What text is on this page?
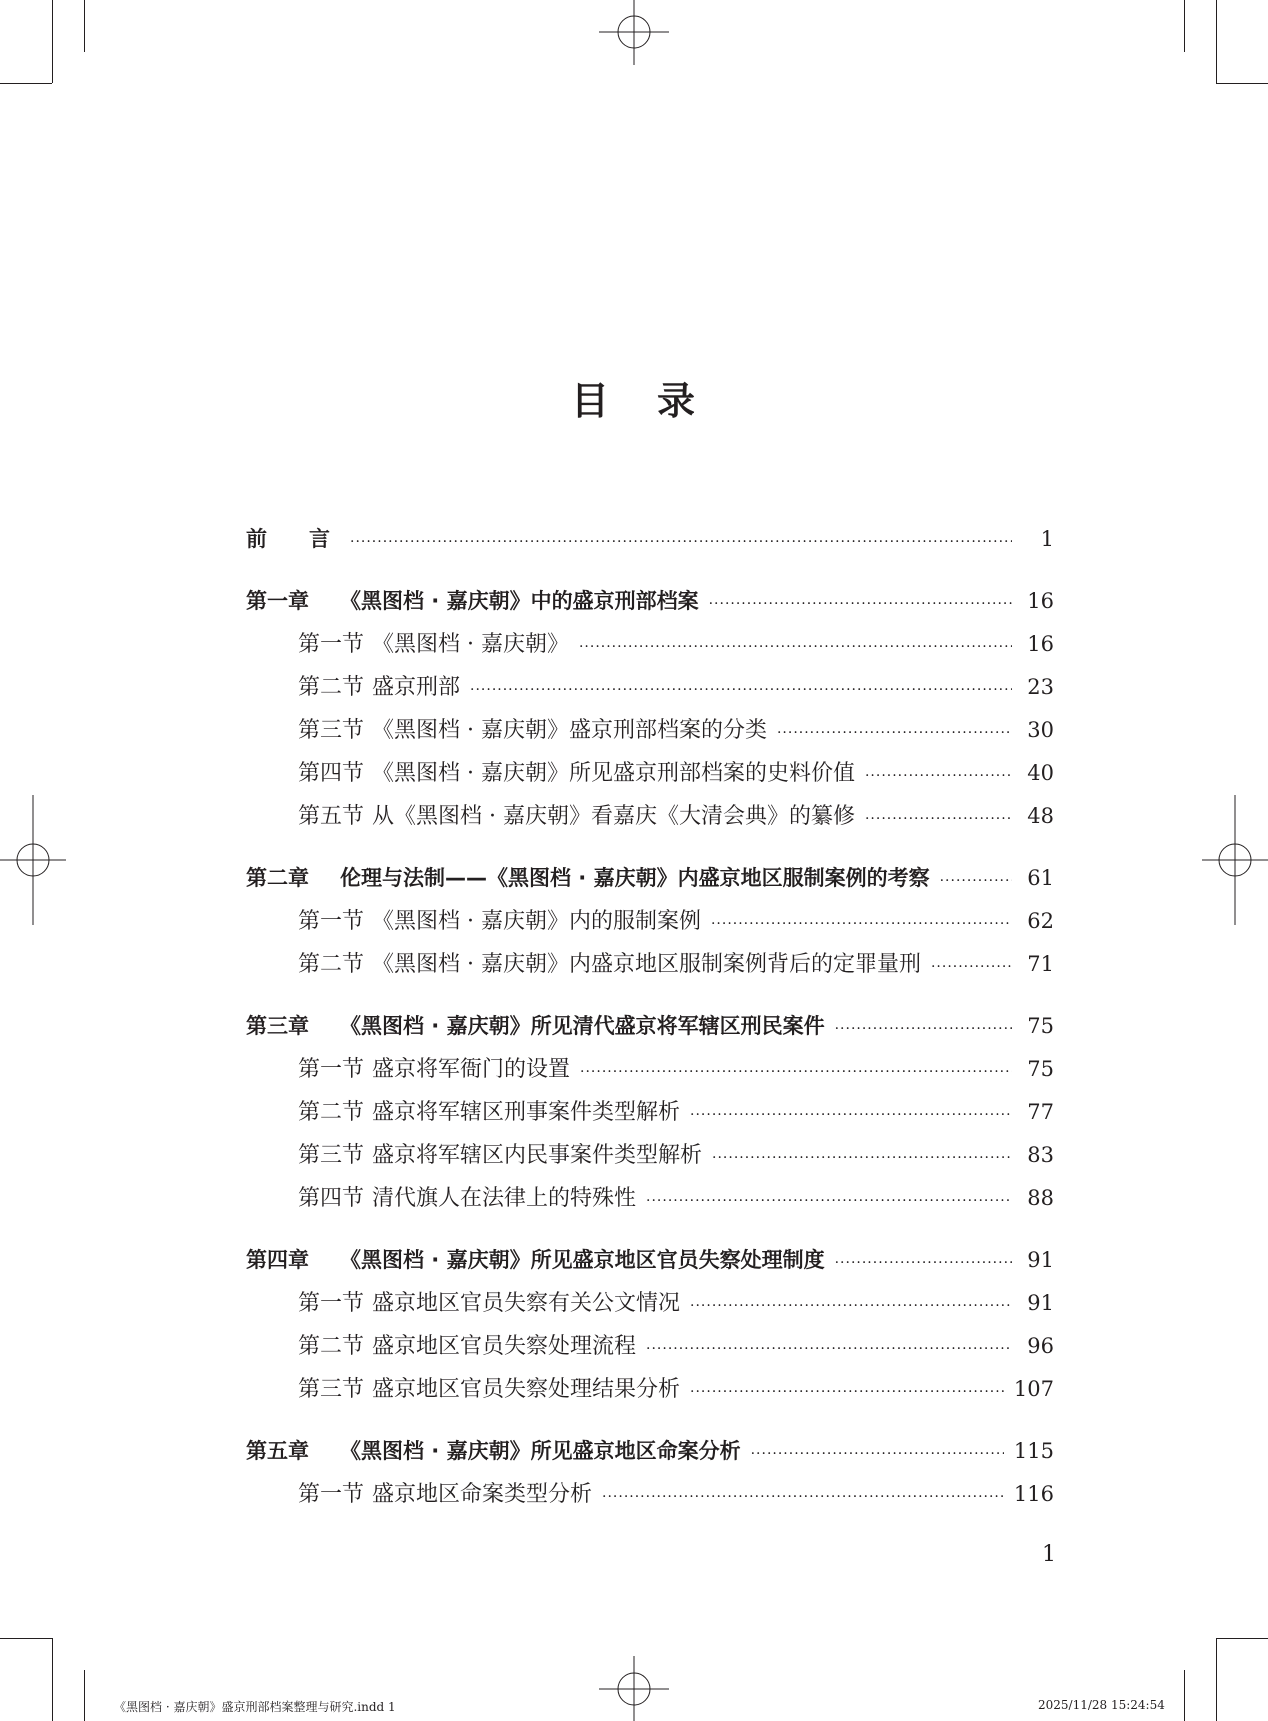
目 录
前　　言 ·····	1
第一章 《黑图档 · 嘉庆朝》中的盛京刑部档案 ·····	16
第一节 《黑图档 · 嘉庆朝》 ·····	16
第二节 盛京刑部 ·····	23
第三节 《黑图档 · 嘉庆朝》盛京刑部档案的分类 ·····	30
第四节 《黑图档 · 嘉庆朝》所见盛京刑部档案的史料价值 ·····	40
第五节 从《黑图档 · 嘉庆朝》看嘉庆《大清会典》的纂修 ·····	48
第二章 伦理与法制——《黑图档 · 嘉庆朝》内盛京地区服制案例的考察 ·····	61
第一节 《黑图档 · 嘉庆朝》内的服制案例 ·····	62
第二节 《黑图档 · 嘉庆朝》内盛京地区服制案例背后的定罪量刑 ·····	71
第三章 《黑图档 · 嘉庆朝》所见清代盛京将军辖区刑民案件 ·····	75
第一节 盛京将军衙门的设置 ·····	75
第二节 盛京将军辖区刑事案件类型解析 ·····	77
第三节 盛京将军辖区内民事案件类型解析 ·····	83
第四节 清代旗人在法律上的特殊性 ·····	88
第四章 《黑图档 · 嘉庆朝》所见盛京地区官员失察处理制度 ·····	91
第一节 盛京地区官员失察有关公文情况 ·····	91
第二节 盛京地区官员失察处理流程 ·····	96
第三节 盛京地区官员失察处理结果分析 ·····	107
第五章 《黑图档 · 嘉庆朝》所见盛京地区命案分析 ·····	115
第一节 盛京地区命案类型分析 ·····	116
1
《黑图档 · 嘉庆朝》盛京刑部档案整理与研究.indd 1	2025/11/28 15:24:54
